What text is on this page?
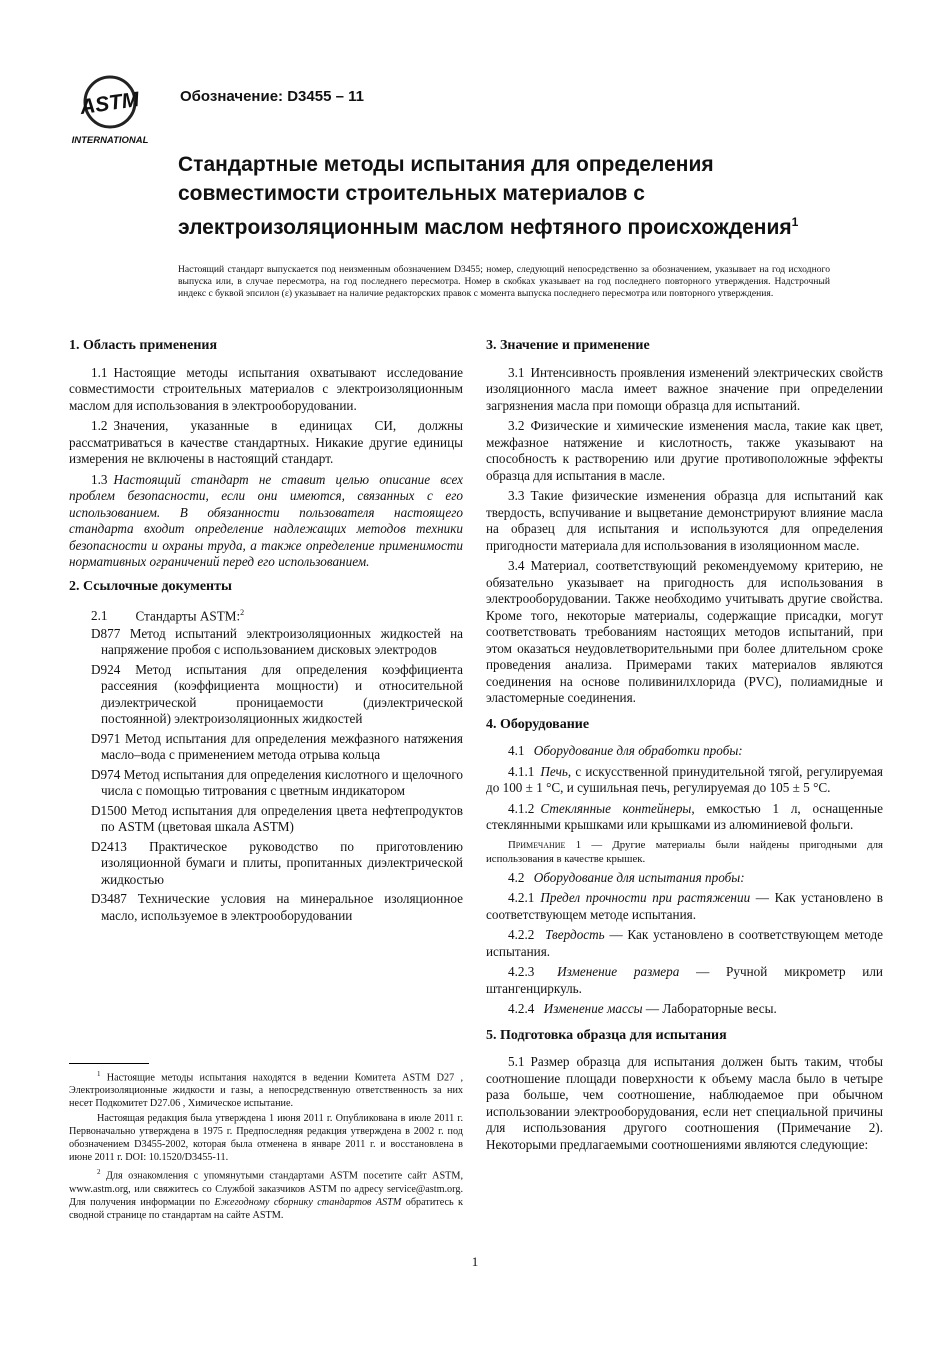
ASTM
INTERNATIONAL
Обозначение: D3455 – 11
Стандартные методы испытания для определения совместимости строительных материалов с электроизоляционным маслом нефтяного происхождения$^1$

Настоящий стандарт выпускается под неизменным обозначением D3455; номер, следующий непосредственно за обозначением, указывает на год исходного выпуска или, в случае пересмотра, на год последнего пересмотра. Номер в скобках указывает на год последнего повторного утверждения. Надстрочный индекс с буквой эпсилон (ε) указывает на наличие редакторских правок с момента выпуска последнего пересмотра или повторного утверждения.

1. Область применения

1.1 Настоящие методы испытания охватывают исследование совместимости строительных материалов с электроизоляционным маслом для использования в электрооборудовании.

1.2 Значения, указанные в единицах СИ, должны рассматриваться в качестве стандартных. Никакие другие единицы измерения не включены в настоящий стандарт.

1.3 Настоящий стандарт не ставит целью описание всех проблем безопасности, если они имеются, связанных с его использованием. В обязанности пользователя настоящего стандарта входит определение надлежащих методов техники безопасности и охраны труда, а также определение применимости нормативных ограничений перед его использованием.

2. Ссылочные документы

2.1 Стандарты ASTM:$^2$

D877 Метод испытаний электроизоляционных жидкостей на напряжение пробоя с использованием дисковых электродов
D924 Метод испытания для определения коэффициента рассеяния (коэффициента мощности) и относительной диэлектрической проницаемости (диэлектрической постоянной) электроизоляционных жидкостей
D971 Метод испытания для определения межфазного натяжения масло–вода с применением метода отрыва кольца
D974 Метод испытания для определения кислотного и щелочного числа с помощью титрования с цветным индикатором
D1500 Метод испытания для определения цвета нефтепродуктов по ASTM (цветовая шкала ASTM)
D2413 Практическое руководство по приготовлению изоляционной бумаги и плиты, пропитанных диэлектрической жидкостью
D3487 Технические условия на минеральное изоляционное масло, используемое в электрооборудовании

$^1$ Настоящие методы испытания находятся в ведении Комитета ASTM D27 , Электроизоляционные жидкости и газы, а непосредственную ответственность за них несет Подкомитет D27.06 , Химическое испытание.

Настоящая редакция была утверждена 1 июня 2011 г. Опубликована в июле 2011 г. Первоначально утверждена в 1975 г. Предпоследняя редакция утверждена в 2002 г. под обозначением D3455-2002, которая была отменена в январе 2011 г. и восстановлена в июне 2011 г. DOI: 10.1520/D3455-11.

$^2$ Для ознакомления с упомянутыми стандартами ASTM посетите сайт ASTM, www.astm.org, или свяжитесь со Службой заказчиков ASTM по адресу service@astm.org. Для получения информации по Ежегодному сборнику стандартов ASTM обратитесь к сводной странице по стандартам на сайте ASTM.

3. Значение и применение

3.1 Интенсивность проявления изменений электрических свойств изоляционного масла имеет важное значение при определении загрязнения масла при помощи образца для испытаний.

3.2 Физические и химические изменения масла, такие как цвет, межфазное натяжение и кислотность, также указывают на способность к растворению или другие противоположные эффекты образца для испытания в масле.

3.3 Такие физические изменения образца для испытаний как твердость, вспучивание и выцветание демонстрируют влияние масла на образец для испытания и используются для определения пригодности материала для использования в изоляционном масле.

3.4 Материал, соответствующий рекомендуемому критерию, не обязательно указывает на пригодность для использования в электрооборудовании. Также необходимо учитывать другие свойства. Кроме того, некоторые материалы, содержащие присадки, могут соответствовать требованиям настоящих методов испытаний, при этом оказаться неудовлетворительными при более длительном сроке проведения анализа. Примерами таких материалов являются соединения на основе поливинилхлорида (PVC), полиамидные и эластомерные соединения.

4. Оборудование

4.1 Оборудование для обработки пробы:

4.1.1 Печь, с искусственной принудительной тягой, регулируемая до 100 ± 1 °С, и сушильная печь, регулируемая до 105 ± 5 °С.

4.1.2 Стеклянные контейнеры, емкостью 1 л, оснащенные стеклянными крышками или крышками из алюминиевой фольги.

Примечание 1 — Другие материалы были найдены пригодными для использования в качестве крышек.

4.2 Оборудование для испытания пробы:

4.2.1 Предел прочности при растяжении — Как установлено в соответствующем методе испытания.

4.2.2 Твердость — Как установлено в соответствующем методе испытания.

4.2.3 Изменение размера — Ручной микрометр или штангенциркуль.

4.2.4 Изменение массы — Лабораторные весы.

5. Подготовка образца для испытания

5.1 Размер образца для испытания должен быть таким, чтобы соотношение площади поверхности к объему масла было в четыре раза больше, чем соотношение, наблюдаемое при обычном использовании электрооборудования, если нет специальной причины для использования другого соотношения (Примечание 2). Некоторыми предлагаемыми соотношениями являются следующие:

1
